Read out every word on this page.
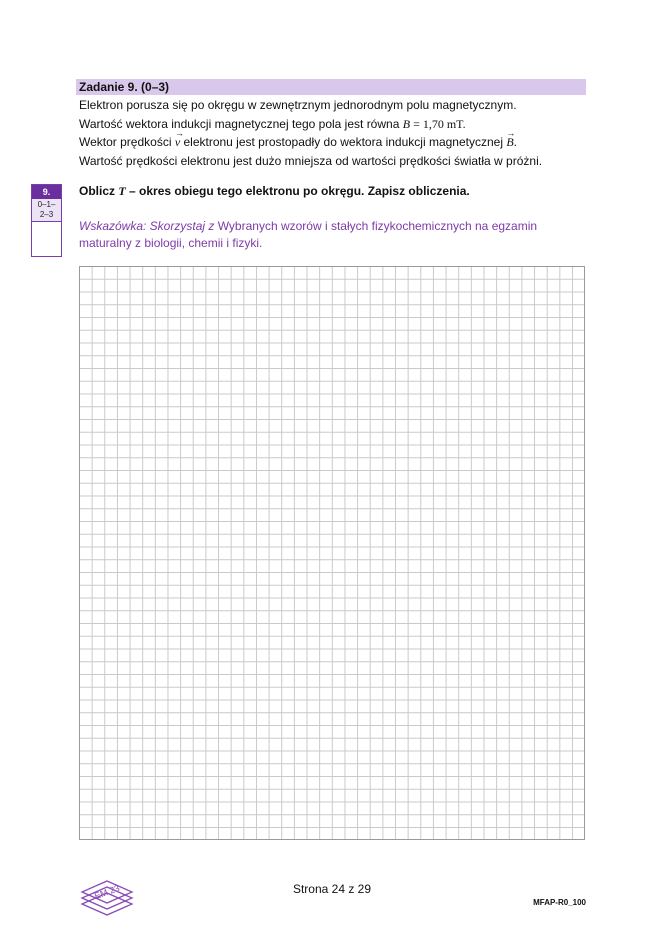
Zadanie 9. (0–3)
Elektron porusza się po okręgu w zewnętrznym jednorodnym polu magnetycznym.
Wartość wektora indukcji magnetycznej tego pola jest równa B = 1,70 mT.
Wektor prędkości → v elektronu jest prostopadły do wektora indukcji magnetycznej → B.
Wartość prędkości elektronu jest dużo mniejsza od wartości prędkości światła w próżni.
9.
0–1–
2–3
Oblicz T – okres obiegu tego elektronu po okręgu. Zapisz obliczenia.
Wskazówka: Skorzystaj z Wybranych wzorów i stałych fizykochemicznych na egzamin maturalny z biologii, chemii i fizyki.
EM 23	Strona 24 z 29
MFAP-R0_100
